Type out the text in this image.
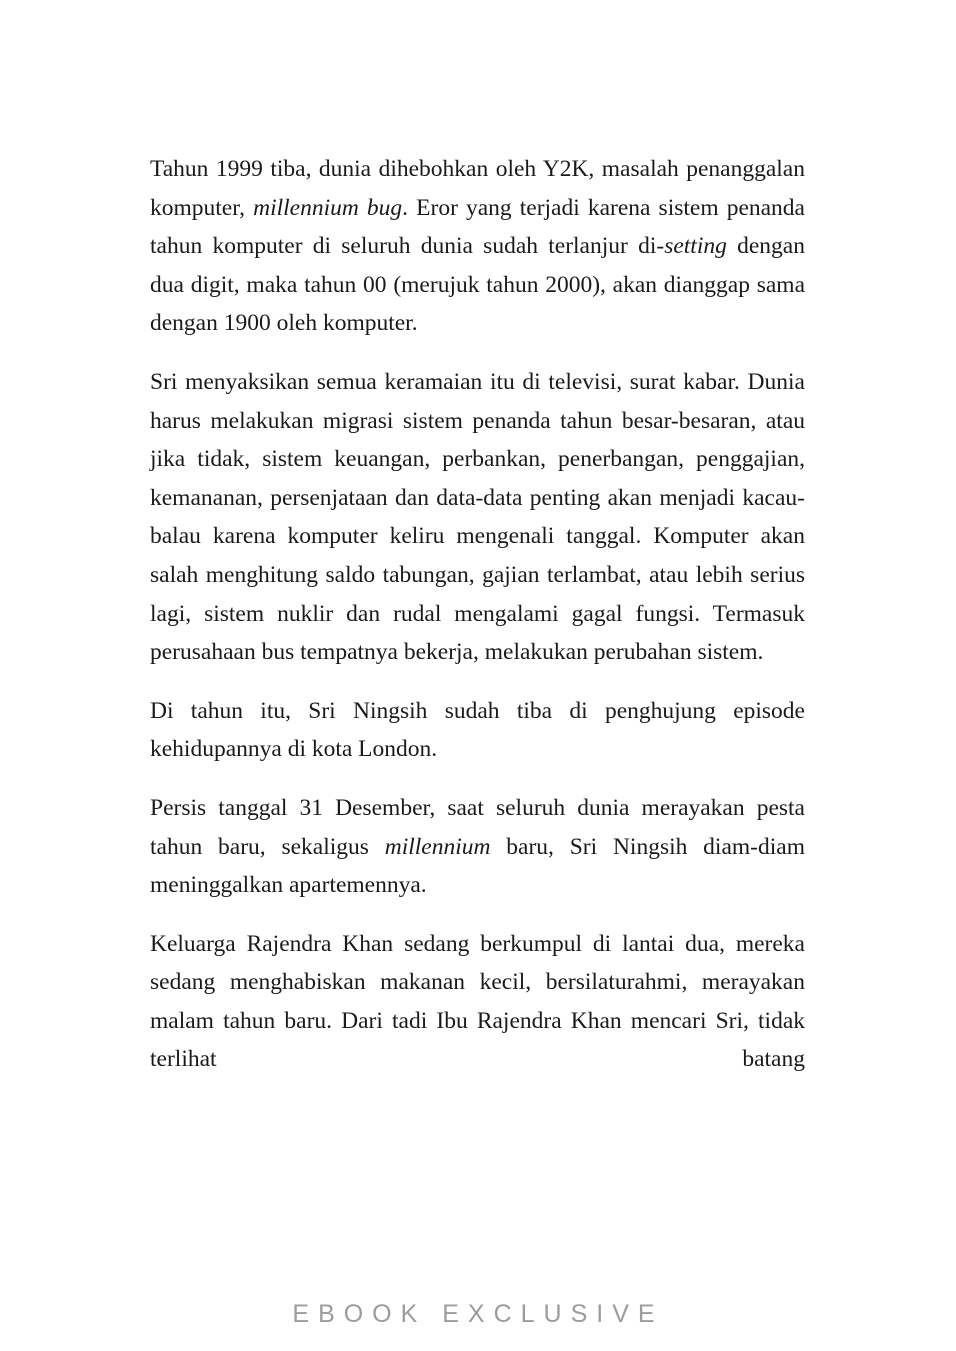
Tahun 1999 tiba, dunia dihebohkan oleh Y2K, masalah penanggalan komputer, millennium bug. Eror yang terjadi karena sistem penanda tahun komputer di seluruh dunia sudah terlanjur di-setting dengan dua digit, maka tahun 00 (merujuk tahun 2000), akan dianggap sama dengan 1900 oleh komputer.

Sri menyaksikan semua keramaian itu di televisi, surat kabar. Dunia harus melakukan migrasi sistem penanda tahun besar-besaran, atau jika tidak, sistem keuangan, perbankan, penerbangan, penggajian, kemananan, persenjataan dan data-data penting akan menjadi kacau-balau karena komputer keliru mengenali tanggal. Komputer akan salah menghitung saldo tabungan, gajian terlambat, atau lebih serius lagi, sistem nuklir dan rudal mengalami gagal fungsi. Termasuk perusahaan bus tempatnya bekerja, melakukan perubahan sistem.

Di tahun itu, Sri Ningsih sudah tiba di penghujung episode kehidupannya di kota London.

Persis tanggal 31 Desember, saat seluruh dunia merayakan pesta tahun baru, sekaligus millennium baru, Sri Ningsih diam-diam meninggalkan apartemennya.

Keluarga Rajendra Khan sedang berkumpul di lantai dua, mereka sedang menghabiskan makanan kecil, bersilaturahmi, merayakan malam tahun baru. Dari tadi Ibu Rajendra Khan mencari Sri, tidak terlihat batang

EBOOK EXCLUSIVE
